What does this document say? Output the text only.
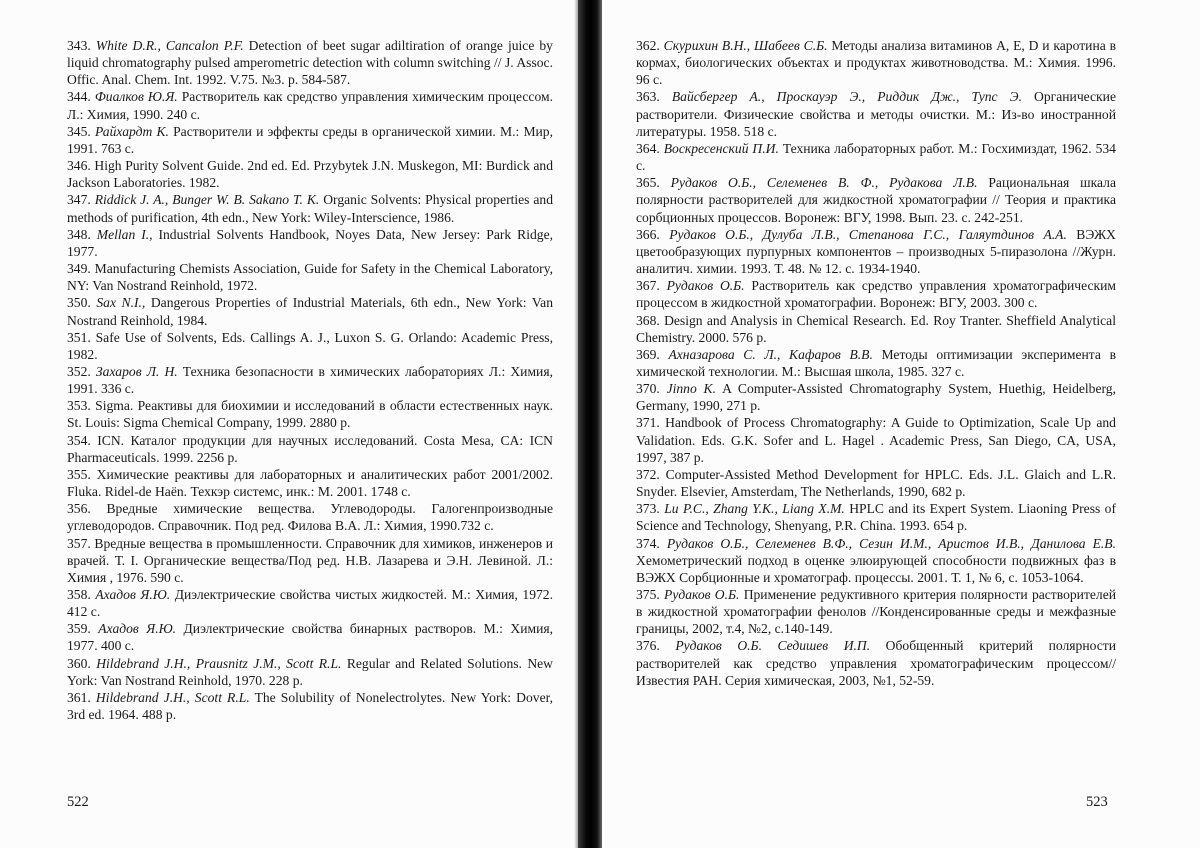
343. White D.R., Cancalon P.F. Detection of beet sugar adiltiration of orange juice by liquid chromatography pulsed amperometric detection with column switching // J. Assoc. Offic. Anal. Chem. Int. 1992. V.75. №3. p. 584-587.

344. Фиалков Ю.Я. Растворитель как средство управления химическим процессом. Л.: Химия, 1990. 240 с.

345. Райхардт К. Растворители и эффекты среды в органической химии. М.: Мир, 1991. 763 с.

346. High Purity Solvent Guide. 2nd ed. Ed. Przybytek J.N. Muskegon, MI: Burdick and Jackson Laboratories. 1982.

347. Riddick J. A., Bunger W. B. Sakano T. K. Organic Solvents: Physical properties and methods of purification, 4th edn., New York: Wiley-Interscience, 1986.

348. Mellan I., Industrial Solvents Handbook, Noyes Data, New Jersey: Park Ridge, 1977.

349. Manufacturing Chemists Association, Guide for Safety in the Chemical Laboratory, NY: Van Nostrand Reinhold, 1972.

350. Sax N.I., Dangerous Properties of Industrial Materials, 6th edn., New York: Van Nostrand Reinhold, 1984.

351. Safe Use of Solvents, Eds. Callings A. J., Luxon S. G. Orlando: Academic Press, 1982.

352. Захаров Л. Н. Техника безопасности в химических лабораториях Л.: Химия, 1991. 336 с.

353. Sigma. Реактивы для биохимии и исследований в области естественных наук. St. Louis: Sigma Chemical Company, 1999. 2880 p.

354. ICN. Каталог продукции для научных исследований. Costa Mesa, CA: ICN Pharmaceuticals. 1999. 2256 p.

355. Химические реактивы для лабораторных и аналитических работ 2001/2002. Fluka. Ridel-de Haёn. Техкэр системс, инк.: М. 2001. 1748 с.

356. Вредные химические вещества. Углеводороды. Галогенпроизводные углеводородов. Справочник. Под ред. Филова В.А. Л.: Химия, 1990.732 с.

357. Вредные вещества в промышленности. Справочник для химиков, инженеров и врачей. Т. I. Органические вещества/Под ред. Н.В. Лазарева и Э.Н. Левиной. Л.: Химия , 1976. 590 с.

358. Ахадов Я.Ю. Диэлектрические свойства чистых жидкостей. М.: Химия, 1972. 412 с.

359. Ахадов Я.Ю. Диэлектрические свойства бинарных растворов. М.: Химия, 1977. 400 с.

360. Hildebrand J.H., Prausnitz J.M., Scott R.L. Regular and Related Solutions. New York: Van Nostrand Reinhold, 1970. 228 p.

361. Hildebrand J.H., Scott R.L. The Solubility of Nonelectrolytes. New York: Dover, 3rd ed. 1964. 488 p.

522

362. Скурихин В.Н., Шабеев С.Б. Методы анализа витаминов А, Е, D и каротина в кормах, биологических объектах и продуктах животноводства. М.: Химия. 1996. 96 с.

363. Вайсбергер А., Проскауэр Э., Риддик Дж., Тупс Э. Органические растворители. Физические свойства и методы очистки. М.: Из-во иностранной литературы. 1958. 518 с.

364. Воскресенский П.И. Техника лабораторных работ. М.: Госхимиздат, 1962. 534 с.

365. Рудаков О.Б., Селеменев В. Ф., Рудакова Л.В. Рациональная шкала полярности растворителей для жидкостной хроматографии // Теория и практика сорбционных процессов. Воронеж: ВГУ, 1998. Вып. 23. с. 242-251.

366. Рудаков О.Б., Дулуба Л.В., Степанова Г.С., Галяутдинов А.А. ВЭЖХ цветообразующих пурпурных компонентов – производных 5-пиразолона //Журн. аналитич. химии. 1993. Т. 48. № 12. с. 1934-1940.

367. Рудаков О.Б. Растворитель как средство управления хроматографическим процессом в жидкостной хроматографии. Воронеж: ВГУ, 2003. 300 с.

368. Design and Analysis in Chemical Research. Ed. Roy Tranter. Sheffield Analytical Chemistry. 2000. 576 p.

369. Ахназарова С. Л., Кафаров В.В. Методы оптимизации эксперимента в химической технологии. М.: Высшая школа, 1985. 327 с.

370. Jinno K. A Computer-Assisted Chromatography System, Huethig, Heidelberg, Germany, 1990, 271 p.

371. Handbook of Process Chromatography: A Guide to Optimization, Scale Up and Validation. Eds. G.K. Sofer and L. Hagel . Academic Press, San Diego, CA, USA, 1997, 387 p.

372. Computer-Assisted Method Development for HPLC. Eds. J.L. Glaich and L.R. Snyder. Elsevier, Amsterdam, The Netherlands, 1990, 682 p.

373. Lu P.C., Zhang Y.K., Liang X.M. HPLC and its Expert System. Liaoning Press of Science and Technology, Shenyang, P.R. China. 1993. 654 p.

374. Рудаков О.Б., Селеменев В.Ф., Сезин И.М., Аристов И.В., Данилова Е.В. Хемометрический подход в оценке элюирующей способности подвижных фаз в ВЭЖХ Сорбционные и хроматограф. процессы. 2001. Т. 1, № 6, с. 1053-1064.

375. Рудаков О.Б. Применение редуктивного критерия полярности растворителей в жидкостной хроматографии фенолов //Конденсированные среды и межфазные границы, 2002, т.4, №2, с.140-149.

376. Рудаков О.Б. Седишев И.П. Обобщенный критерий полярности растворителей как средство управления хроматографическим процессом// Известия РАН. Серия химическая, 2003, №1, 52-59.

523
